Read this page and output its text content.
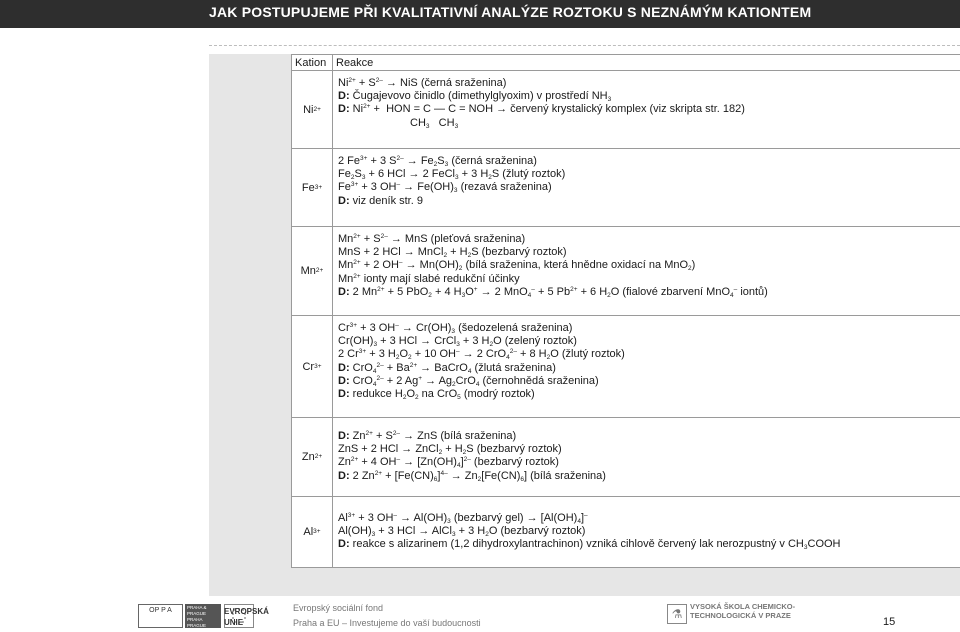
JAK POSTUPUJEME PŘI KVALITATIVNÍ ANALÝZE ROZTOKU S NEZNÁMÝM KATIONTEM
Kation Reakce
Ni 2+
$Ni^{2+} + S^{2-}$ → NiS (černá sraženina)
D: Čugajevovo činidlo (dimethylglyoxim) v prostředí $NH_3$
D: $Ni^{2+}$ +  HON = C — C = NOH → červený krystalický komplex (viz skripta str. 182)
$CH_3$   $CH_3$
Fe 3+
2 $Fe^{3+} + 3$ $S^{2-} \to Fe_2S_3$ (černá sraženina)
$Fe_2S_3 + 6$ HCl → 2 FeCl$_3$ + 3 $H_2S$ (žlutý roztok)
$Fe^{3+} + 3$ $OH^- \to Fe(OH)_3$ (rezavá sraženina)
D: viz deník str. 9
Mn 2+
$Mn^{2+} + S^{2-}$ → MnS (pleťová sraženina)
MnS + 2 HCl → MnCl$_2$ + $H_2S$ (bezbarvý roztok)
$Mn^{2+} + 2$ $OH^- \to Mn(OH)_2$ (bílá sraženina, která hnědne oxidací na MnO$_2$)
$Mn^{2+}$ ionty mají slabé redukční účinky
D: 2 $Mn^{2+} + 5$ PbO$_2$ + 4 $H_3O^+ \to 2$ MnO$_4$– + 5 $Pb^{2+} + 6$ $H_2O$ (fialové zbarvení MnO$_4$– iontů)
Cr 3+
$Cr^{3+} + 3$ $OH^- \to Cr(OH)_3$ (šedozelená sraženina)
$Cr(OH)_3 + 3$ HCl → CrCl$_3$ + 3 $H_2O$ (zelený roztok)
2 $Cr^{3+} + 3$ $H_2O_2 + 10$ OH– → 2 CrO$_4^{2-}$ + 8 $H_2O$ (žlutý roztok)
D: $CrO_4^{2-} + Ba^{2+}$ → BaCrO$_4$ (žlutá sraženina)
D: CrO$_4^{2-}$ + 2 $Ag^+ \to Ag_2CrO_4$ (černohnědá sraženina)
D: redukce $H_2O_2$ na CrO$_5$ (modrý roztok)
Zn 2+
D: $Zn^{2+} + S^{2-}$ → ZnS (bílá sraženina)
ZnS + 2 HCl → ZnCl$_2$ + $H_2S$ (bezbarvý roztok)
$Zn^{2+} + 4$ $OH^- \to [Zn(OH)_4]^{2-}$ (bezbarvý roztok)
D: 2 $Zn^{2+} + [Fe(CN)_6]^{4-} \to Zn_2[Fe(CN)_6]$ (bílá sraženina)
Al 3+
$Al^{3+} + 3$ $OH^- \to Al(OH)_3$ (bezbarvý $gel) \to [Al(OH)_4]^-$
$Al(OH)_3 + 3$ HCl → AlCl$_3$ + 3 $H_2O$ (bezbarvý roztok)
D: reakce s alizarinem (1,2 dihydroxylantrachinon) vzniká cihlově červený lak nerozpustný v $CH_3COOH$
OP P A	PRAHA & PRAGUE PRAHA PRAGUE
EVROPSKÁ UNIE
Evropský sociální fond
Praha a EU – Investujeme do vaší budoucnosti
⚗
VYSOKÁ ŠKOLA CHEMICKO-TECHNOLOGICKÁ V PRAZE
15
